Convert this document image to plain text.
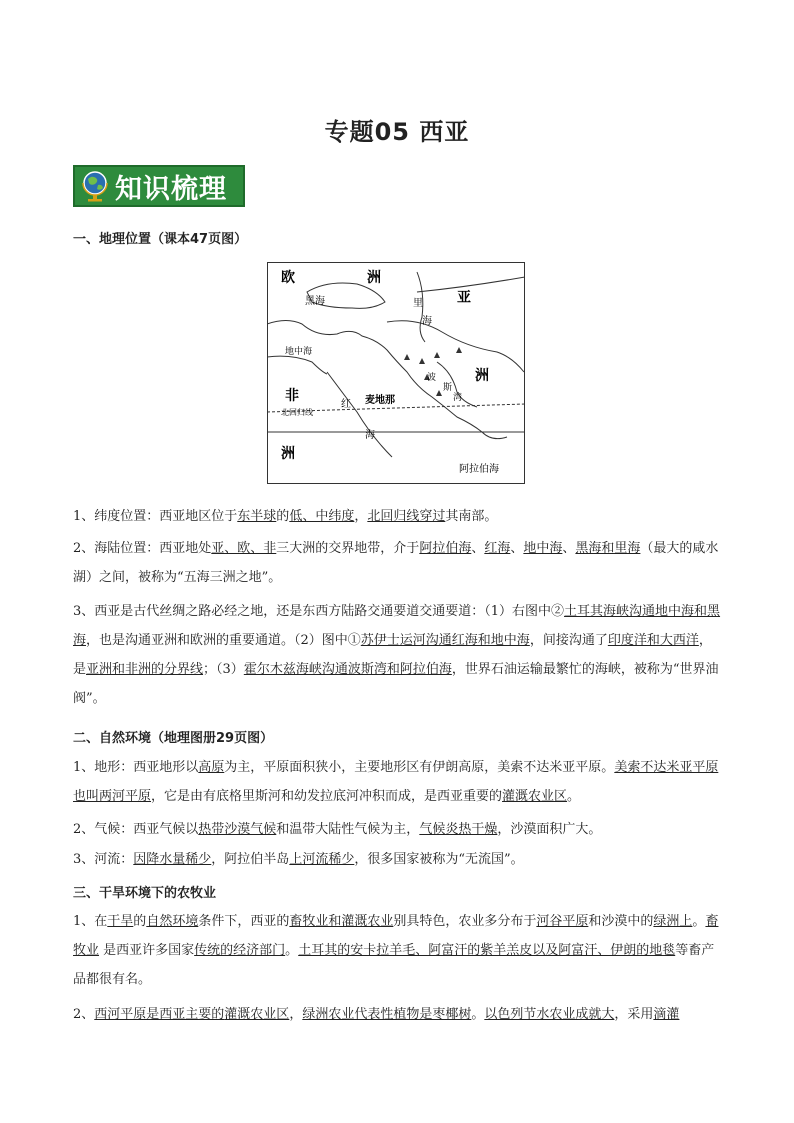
专题05 西亚
知识梳理
一、地理位置（课本47页图）
欧	洲
亚
黑海	里
海
地中海
非
洲
洲
麦地那
红
海
波
斯
湾
北回归线
阿拉伯海
1、纬度位置：西亚地区位于东半球的低、中纬度，北回归线穿过其南部。
2、海陆位置：西亚地处亚、欧、非三大洲的交界地带，介于阿拉伯海、红海、地中海、黑海和里海（最大的咸水湖）之间，被称为“五海三洲之地”。
3、西亚是古代丝绸之路必经之地，还是东西方陆路交通要道交通要道：（1）右图中②土耳其海峡沟通地中海和黑海，也是沟通亚洲和欧洲的重要通道。（2）图中①苏伊士运河沟通红海和地中海，间接沟通了印度洋和大西洋，是亚洲和非洲的分界线；（3）霍尔木兹海峡沟通波斯湾和阿拉伯海，世界石油运输最繁忙的海峡，被称为“世界油阀”。
二、自然环境（地理图册29页图）
1、地形：西亚地形以高原为主，平原面积狭小，主要地形区有伊朗高原，美索不达米亚平原。美索不达米亚平原也叫两河平原，它是由有底格里斯河和幼发拉底河冲积而成，是西亚重要的灌溉农业区。
2、气候：西亚气候以热带沙漠气候和温带大陆性气候为主，气候炎热干燥，沙漠面积广大。
3、河流：因降水量稀少，阿拉伯半岛上河流稀少，很多国家被称为“无流国”。
三、干旱环境下的农牧业
1、在干旱的自然环境条件下，西亚的畜牧业和灌溉农业别具特色，农业多分布于河谷平原和沙漠中的绿洲上。畜牧业 是西亚许多国家传统的经济部门。土耳其的安卡拉羊毛、阿富汗的紫羊羔皮以及阿富汗、伊朗的地毯等畜产品都很有名。
2、西河平原是西亚主要的灌溉农业区，绿洲农业代表性植物是枣椰树。以色列节水农业成就大，采用滴灌
